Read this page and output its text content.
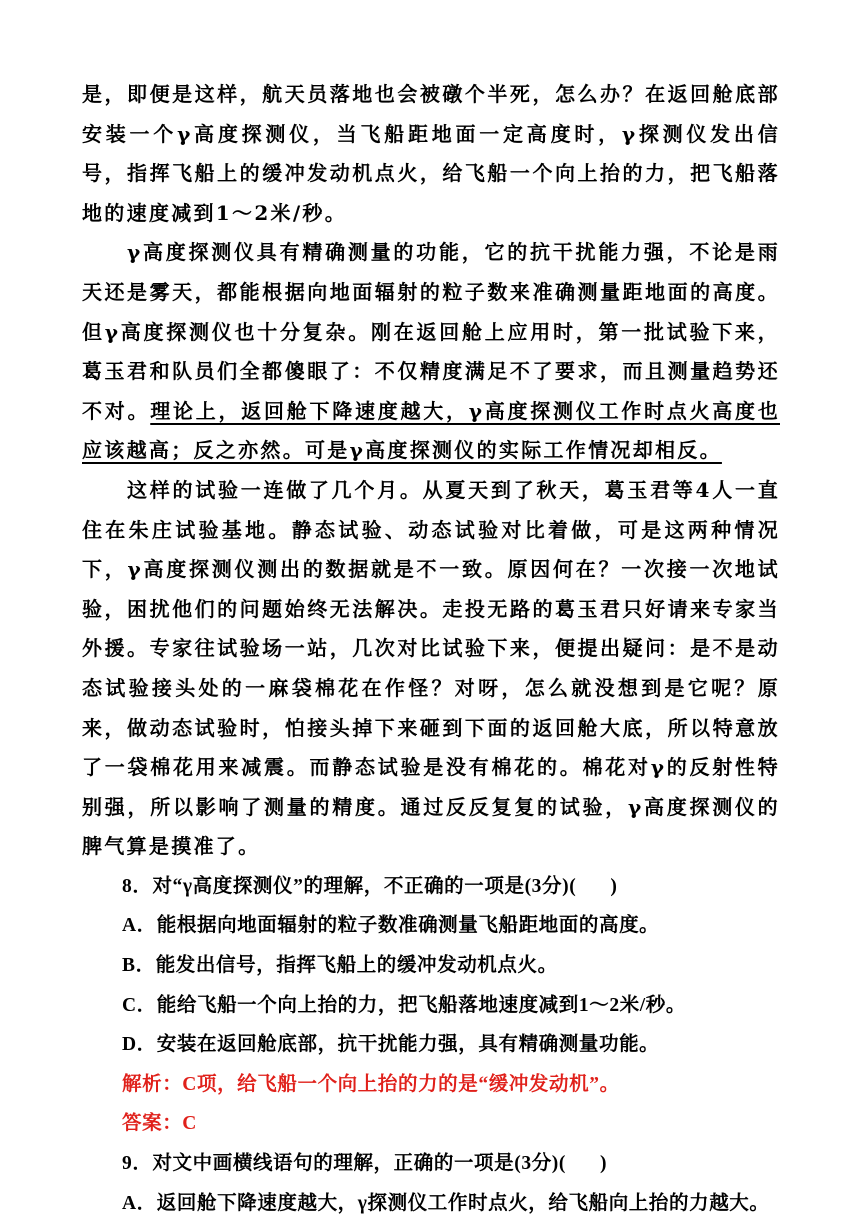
是，即便是这样，航天员落地也会被礅个半死，怎么办？在返回舱底部安装一个γ高度探测仪，当飞船距地面一定高度时，γ探测仪发出信号，指挥飞船上的缓冲发动机点火，给飞船一个向上抬的力，把飞船落地的速度减到1～2米/秒。

γ高度探测仪具有精确测量的功能，它的抗干扰能力强，不论是雨天还是雾天，都能根据向地面辐射的粒子数来准确测量距地面的高度。但γ高度探测仪也十分复杂。刚在返回舱上应用时，第一批试验下来，葛玉君和队员们全都傻眼了：不仅精度满足不了要求，而且测量趋势还不对。理论上，返回舱下降速度越大，γ高度探测仪工作时点火高度也应该越高；反之亦然。可是γ高度探测仪的实际工作情况却相反。

这样的试验一连做了几个月。从夏天到了秋天，葛玉君等4人一直住在朱庄试验基地。静态试验、动态试验对比着做，可是这两种情况下，γ高度探测仪测出的数据就是不一致。原因何在？一次接一次地试验，困扰他们的问题始终无法解决。走投无路的葛玉君只好请来专家当外援。专家往试验场一站，几次对比试验下来，便提出疑问：是不是动态试验接头处的一麻袋棉花在作怪？对呀，怎么就没想到是它呢？原来，做动态试验时，怕接头掉下来砸到下面的返回舱大底，所以特意放了一袋棉花用来减震。而静态试验是没有棉花的。棉花对γ的反射性特别强，所以影响了测量的精度。通过反反复复的试验，γ高度探测仪的脾气算是摸准了。

8．对“γ高度探测仪”的理解，不正确的一项是(3分)( )

A．能根据向地面辐射的粒子数准确测量飞船距地面的高度。

B．能发出信号，指挥飞船上的缓冲发动机点火。

C．能给飞船一个向上抬的力，把飞船落地速度减到1～2米/秒。

D．安装在返回舱底部，抗干扰能力强，具有精确测量功能。

解析：C项，给飞船一个向上抬的力的是“缓冲发动机”。

答案：C

9．对文中画横线语句的理解，正确的一项是(3分)( )

A．返回舱下降速度越大，γ探测仪工作时点火，给飞船向上抬的力越大。
